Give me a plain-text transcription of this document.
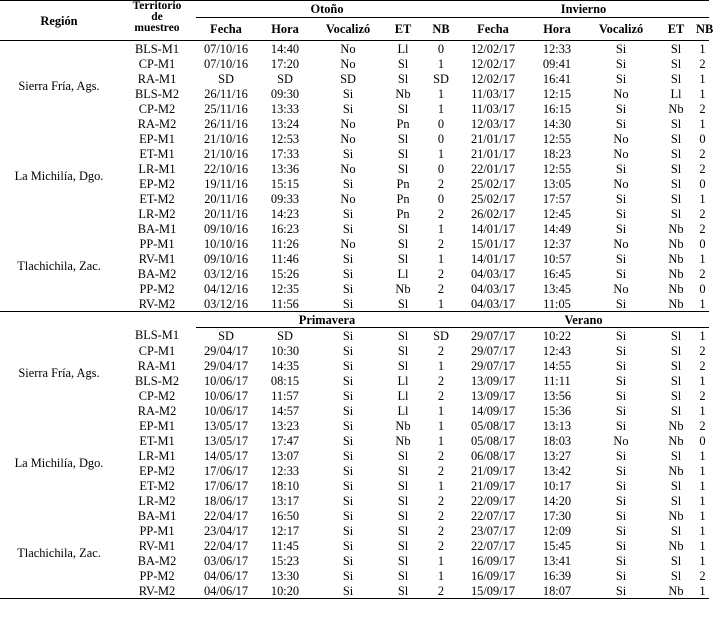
Región	Territorio
de
muestreo	Otoño					Invierno				
		Fecha	Hora	Vocalizó	ET	NB	Fecha	Hora	Vocalizó	ET	NB
Sierra Fría, Ags.	BLS-M1	07/10/16	14:40	No	Ll	0	12/02/17	12:33	Si	Sl	1
	CP-M1	07/10/16	17:20	No	Sl	1	12/02/17	09:41	Si	Sl	2
	RA-M1	SD	SD	SD	Sl	SD	12/02/17	16:41	Si	Sl	1
	BLS-M2	26/11/16	09:30	Si	Nb	1	11/03/17	12:15	No	Ll	1
	CP-M2	25/11/16	13:33	Si	Sl	1	11/03/17	16:15	Si	Nb	2
	RA-M2	26/11/16	13:24	No	Pn	0	12/03/17	14:30	Si	Sl	1
La Michilía, Dgo.	EP-M1	21/10/16	12:53	No	Sl	0	21/01/17	12:55	No	Sl	0
	ET-M1	21/10/16	17:33	Si	Sl	1	21/01/17	18:23	No	Sl	2
	LR-M1	22/10/16	13:36	No	Sl	0	22/01/17	12:55	Si	Sl	2
	EP-M2	19/11/16	15:15	Si	Pn	2	25/02/17	13:05	No	Sl	0
	ET-M2	20/11/16	09:33	No	Pn	0	25/02/17	17:57	Si	Sl	1
	LR-M2	20/11/16	14:23	Si	Pn	2	26/02/17	12:45	Si	Sl	2
Tlachichila, Zac.	BA-M1	09/10/16	16:23	Si	Sl	1	14/01/17	14:49	Si	Nb	2
	PP-M1	10/10/16	11:26	No	Sl	2	15/01/17	12:37	No	Nb	0
	RV-M1	09/10/16	11:46	Si	Sl	1	14/01/17	10:57	Si	Nb	1
	BA-M2	03/12/16	15:26	Si	Ll	2	04/03/17	16:45	Si	Nb	2
	PP-M2	04/12/16	12:35	Si	Nb	2	04/03/17	13:45	No	Nb	0
	RV-M2	03/12/16	11:56	Si	Sl	1	04/03/17	11:05	Si	Nb	1
		Primavera					Verano				
Sierra Fría, Ags.	BLS-M1	SD	SD	Si	Sl	SD	29/07/17	10:22	Si	Sl	1
	CP-M1	29/04/17	10:30	Si	Sl	2	29/07/17	12:43	Si	Sl	2
	RA-M1	29/04/17	14:35	Si	Sl	1	29/07/17	14:55	Si	Sl	2
	BLS-M2	10/06/17	08:15	Si	Ll	2	13/09/17	11:11	Si	Sl	1
	CP-M2	10/06/17	11:57	Si	Ll	2	13/09/17	13:56	Si	Sl	2
	RA-M2	10/06/17	14:57	Si	Ll	1	14/09/17	15:36	Si	Sl	1
La Michilía, Dgo.	EP-M1	13/05/17	13:23	Si	Nb	1	05/08/17	13:13	Si	Nb	2
	ET-M1	13/05/17	17:47	Si	Nb	1	05/08/17	18:03	No	Nb	0
	LR-M1	14/05/17	13:07	Si	Sl	2	06/08/17	13:27	Si	Sl	1
	EP-M2	17/06/17	12:33	Si	Sl	2	21/09/17	13:42	Si	Nb	1
	ET-M2	17/06/17	18:10	Si	Sl	1	21/09/17	10:17	Si	Sl	1
	LR-M2	18/06/17	13:17	Si	Sl	2	22/09/17	14:20	Si	Sl	1
Tlachichila, Zac.	BA-M1	22/04/17	16:50	Si	Sl	2	22/07/17	17:30	Si	Nb	1
	PP-M1	23/04/17	12:17	Si	Sl	2	23/07/17	12:09	Si	Sl	1
	RV-M1	22/04/17	11:45	Si	Sl	2	22/07/17	15:45	Si	Nb	1
	BA-M2	03/06/17	15:23	Si	Sl	1	16/09/17	13:41	Si	Sl	1
	PP-M2	04/06/17	13:30	Si	Sl	1	16/09/17	16:39	Si	Sl	2
	RV-M2	04/06/17	10:20	Si	Sl	2	15/09/17	18:07	Si	Nb	1
